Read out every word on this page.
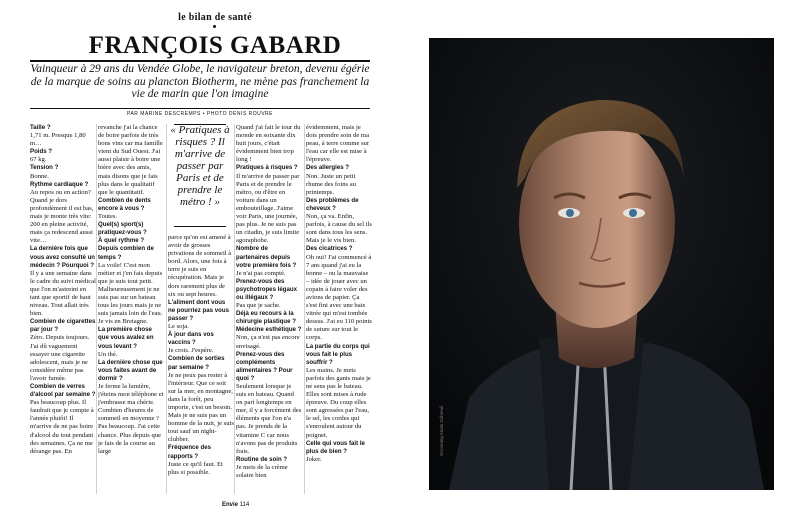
le bilan de santé
FRANÇOIS GABARD
Vainqueur à 29 ans du Vendée Globe, le navigateur breton, devenu égérie de la marque de soins au plancton Biotherm, ne mène pas franchement la vie de marin que l'on imagine
PAR MARINE DESCREMPS • PHOTO DENIS ROUVRE
Taille ?
1,71 m. Presque 1,80 m…
Poids ?
67 kg.
Tension ?
Bonne.
Rythme cardiaque ?
Au repos ou en action? Quand je dors profondément il est bas, mais je monte très vite: 200 en pleine activité, mais ça redescend aussi vite…
La dernière fois que vous avez consulté un médecin ? Pourquoi ?
Il y a une semaine dans le cadre du suivi médical que l'on m'astreint en tant que sportif de haut niveau. Tout allait très bien.
Combien de cigarettes par jour ?
Zéro. Depuis toujours. J'ai dû vaguement essayer une cigarette adolescent, mais je ne considère même pas l'avoir fumée.
Combien de verres d'alcool par semaine ?
Pas beaucoup plus. Il faudrait que je compte à l'année plutôt! Il m'arrive de ne pas boire d'alcool du tout pendant des semaines. Ça ne me dérange pas. En
revanche j'ai la chance de boire parfois de très bons vins car ma famille vient du Sud Ouest. J'ai aussi plaisir à boire une bière avec des amis, mais disons que je fais plus dans le qualitatif que le quantitatif.
Combien de dents encore à vous ?
Toutes.
Quel(s) sport(s) pratiquez-vous ?
À quel rythme ? Depuis combien de temps ?
La voile! C'est mon métier et j'en fais depuis que je suis tout petit. Malheureusement je ne suis pas sur un bateau tous les jours mais je ne suis jamais loin de l'eau. Je vis en Bretagne.
La première chose que vous avalez en vous levant ?
Un thé.
La dernière chose que vous faites avant de dormir ?
Je ferme la lumière, j'éteins mon téléphone et j'embrasse ma chérie. Combien d'heures de sommeil en moyenne ?
Pas beaucoup. J'ai cette chance. Plus depuis que je fais de la course au large
« Pratiques à risques ? Il m'arrive de passer par Paris et de prendre le métro ! »
parce qu'on est amené à avoir de grosses privations de sommeil à bord. Alors, une fois à terre je suis en récupération. Mais je dors rarement plus de six ou sept heures.
L'aliment dont vous ne pourriez pas vous passer ?
Le soja.
À jour dans vos vaccins ?
Je crois. J'espère.
Combien de sorties par semaine ?
Je ne peux pas rester à l'intérieur. Que ce soit sur la mer, en montagne, dans la forêt, peu importe, c'est un besoin. Mais je ne suis pas un homme de la nuit, je suis tout sauf un night-clubber.
Fréquence des rapports ?
Juste ce qu'il faut. Et plus si possible.
Quand j'ai fait le tour du monde en soixante dix huit jours, c'était évidemment bien trop long !
Pratiques à risques ?
Il m'arrive de passer par Paris et de prendre le métro, ou d'être en voiture dans un embouteillage. J'aime voir Paris, une journée, pas plus. Je ne suis pas un citadin, je suis limite agoraphobe.
Nombre de partenaires depuis votre première fois ?
Je n'ai pas compté.
Prenez-vous des psychotropes légaux ou illégaux ?
Pas que je sache.
Déjà eu recours à la chirurgie plastique ? Médecine esthétique ?
Non, ça n'est pas encore envisagé.
Prenez-vous des compléments alimentaires ? Pour quoi ?
Seulement lorsque je suis en bateau. Quand on part longtemps en mer, il y a forcément des éléments que l'on n'a pas. Je prends de la vitamine C car nous n'avons pas de produits frais.
Routine de soin ?
Je mets de la crème solaire bien
évidemment, mais je dois prendre soin de ma peau, à terre comme sur l'eau car elle est mise à l'épreuve.
Des allergies ?
Non. Juste un petit rhume des foins au printemps.
Des problèmes de cheveux ?
Non, ça va. Enfin, parfois, à cause du sel ils sont dans tous les sens. Mais je le vis bien.
Des cicatrices ?
Oh oui! J'ai commencé à 7 ans quand j'ai eu la bonne – ou la mauvaise – idée de jouer avec un copain à faire voler des avions de papier. Ça s'est fini avec une baie vitrée qui m'est tombée dessus. J'ai eu 110 points de suture sur tout le corps.
La partie du corps qui vous fait le plus souffrir ?
Les mains. Je mets parfois des gants mais je ne sens pas le bateau. Elles sont mises à rude épreuve. Du coup elles sont agressées par l'eau, le sel, les cordes qui s'enroulent autour du poignet.
Celle qui vous fait le plus de bien ?
Joker.
Envie 114
Grooming Anaïs Dubreuil
